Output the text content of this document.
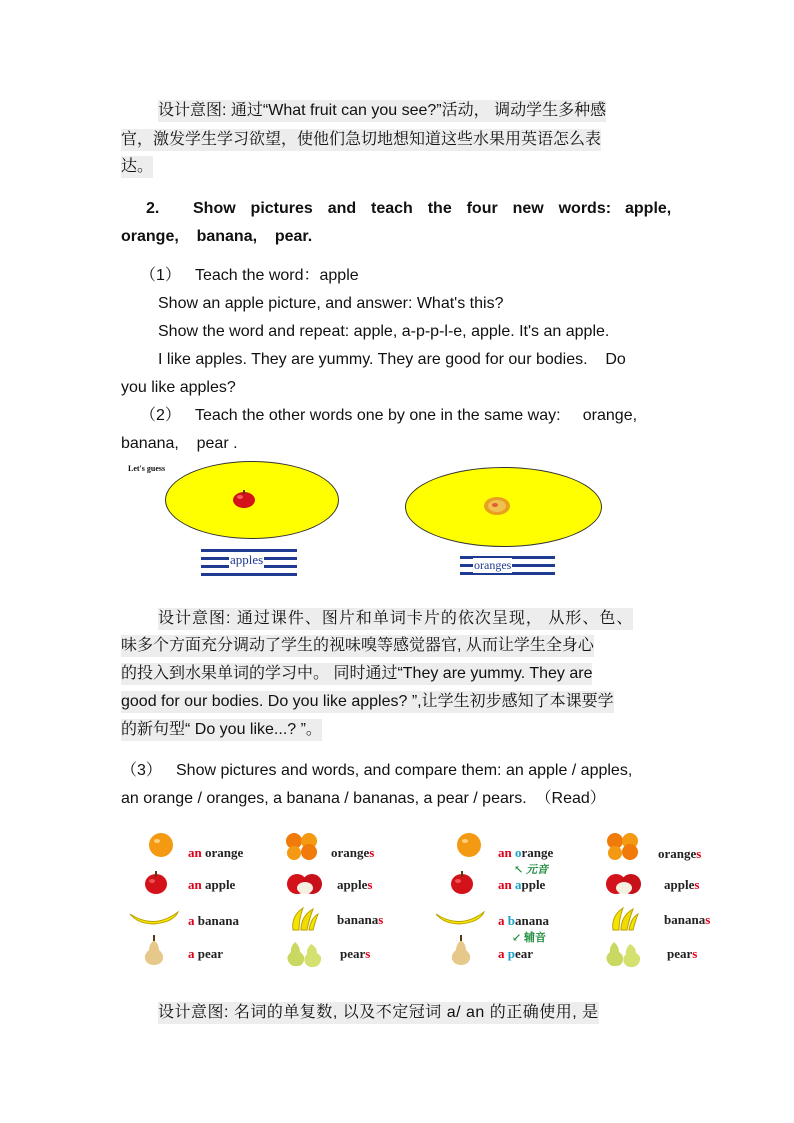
设计意图: 通过“What fruit can you see?”活动， 调动学生多种感
官，激发学生学习欲望，使他们急切地想知道这些水果用英语怎么表
达。
2. Show  pictures  and  teach  the  four  new  words: apple,
orange,    banana,    pear.
（1） Teach the word：apple
Show an apple picture, and answer: What's this?
Show the word and repeat: apple, a-p-p-l-e, apple. It's an apple.
I like apples. They are yummy. They are good for our bodies.    Do
you like apples?
（2） Teach the other words one by one in the same way:     orange,
banana,    pear .
Let's guess
apples	oranges
设计意图: 通过课件、图片和单词卡片的依次呈现， 从形、色、
味多个方面充分调动了学生的视味嗅等感觉器官, 从而让学生全身心
的投入到水果单词的学习中。 同时通过“They are yummy. They are
good for our bodies. Do you like apples? ”,让学生初步感知了本课要学
的新句型“ Do you like...? ”。
（3） Show pictures and words, and compare them: an apple / apples,
an orange / oranges, a banana / bananas, a pear / pears.  （Read）
an orange
an apple
a banana
a pear
oranges
apples
bananas
pears
an orange
↖ 元音
an apple
a banana
↙ 辅音
a pear
oranges
apples
bananas
pears
设计意图: 名词的单复数, 以及不定冠词 a/ an 的正确使用, 是
